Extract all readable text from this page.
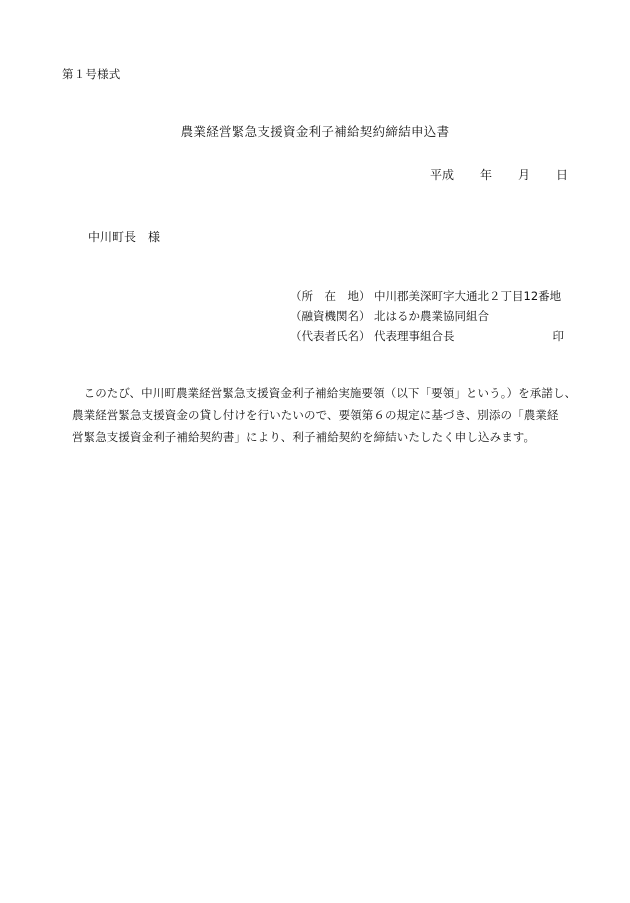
第１号様式
農業経営緊急支援資金利子補給契約締結申込書
平成 年 月 日
中川町長　様
（所　在　地） 中川郡美深町字大通北２丁目12番地
（融資機関名） 北はるか農業協同組合
（代表者氏名） 代表理事組合長	印
　このたび、中川町農業経営緊急支援資金利子補給実施要領（以下「要領」という。）を承諾し、
農業経営緊急支援資金の貸し付けを行いたいので、要領第６の規定に基づき、別添の「農業経
営緊急支援資金利子補給契約書」により、利子補給契約を締結いたしたく申し込みます。
